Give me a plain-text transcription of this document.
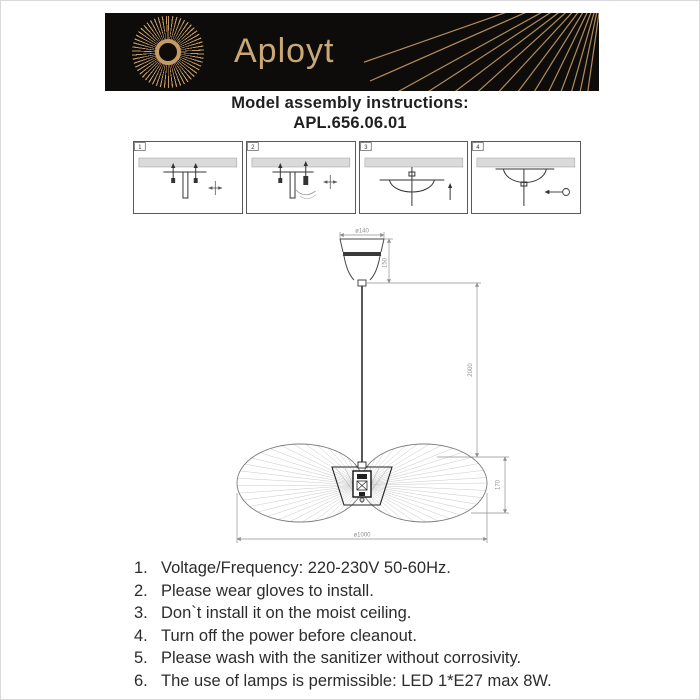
Aployt
Model assembly instructions:
APL.656.06.01
1	2	3	4
ø140
150
2000
170
ø1000
1. Voltage/Frequency: 220-230V 50-60Hz.
2. Please wear gloves to install.
3. Don`t install it on the moist ceiling.
4. Turn off the power before cleanout.
5. Please wash with the sanitizer without corrosivity.
6. The use of lamps is permissible: LED 1*E27 max 8W.
